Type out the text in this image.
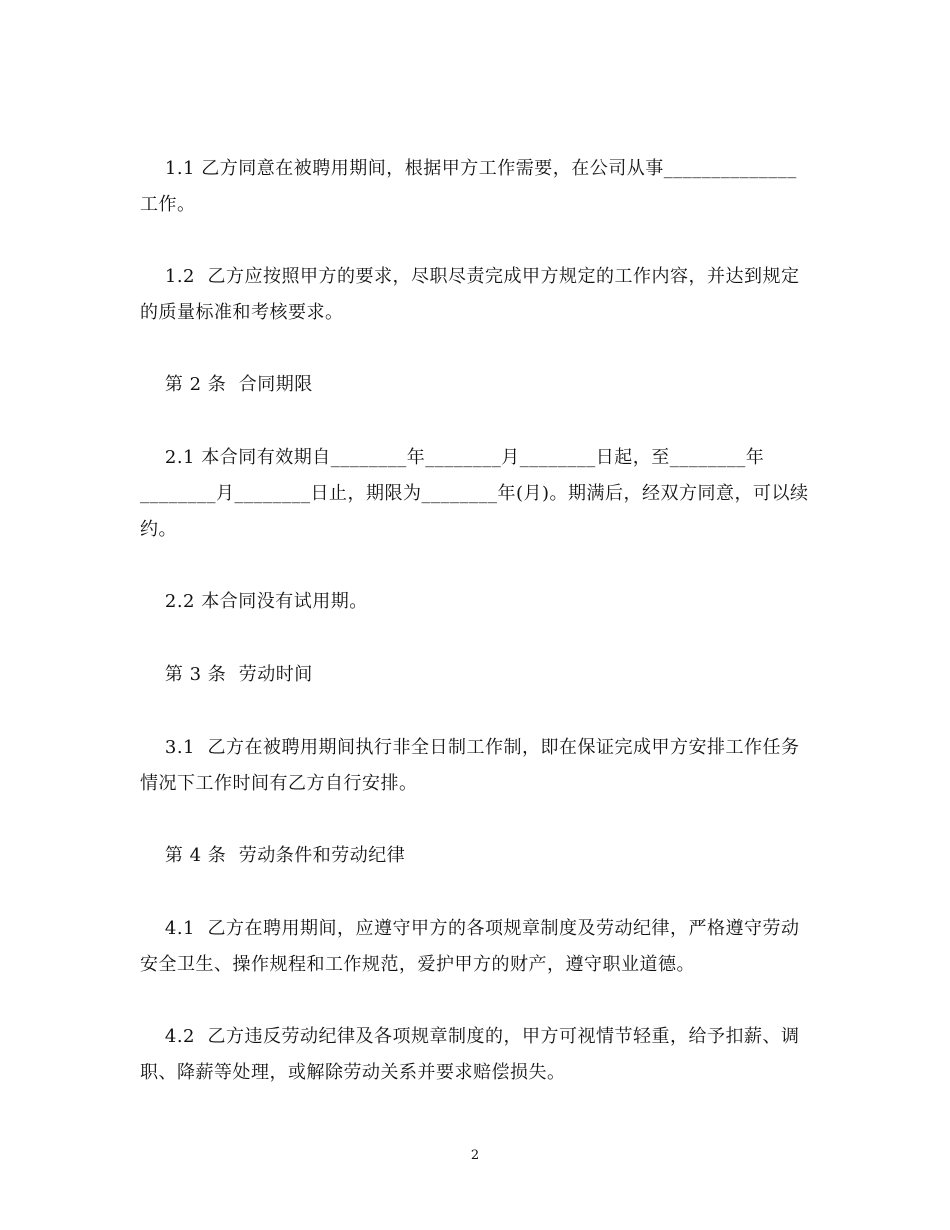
1.1 乙方同意在被聘用期间，根据甲方工作需要，在公司从事______________
工作。
1.2  乙方应按照甲方的要求，尽职尽责完成甲方规定的工作内容，并达到规定
的质量标准和考核要求。
第 2 条  合同期限
2.1 本合同有效期自________年________月________日起，至________年
________月________日止，期限为________年(月)。期满后，经双方同意，可以续
约。
2.2 本合同没有试用期。
第 3 条  劳动时间
3.1  乙方在被聘用期间执行非全日制工作制，即在保证完成甲方安排工作任务
情况下工作时间有乙方自行安排。
第 4 条  劳动条件和劳动纪律
4.1  乙方在聘用期间，应遵守甲方的各项规章制度及劳动纪律，严格遵守劳动
安全卫生、操作规程和工作规范，爱护甲方的财产，遵守职业道德。
4.2  乙方违反劳动纪律及各项规章制度的，甲方可视情节轻重，给予扣薪、调
职、降薪等处理，或解除劳动关系并要求赔偿损失。
2
